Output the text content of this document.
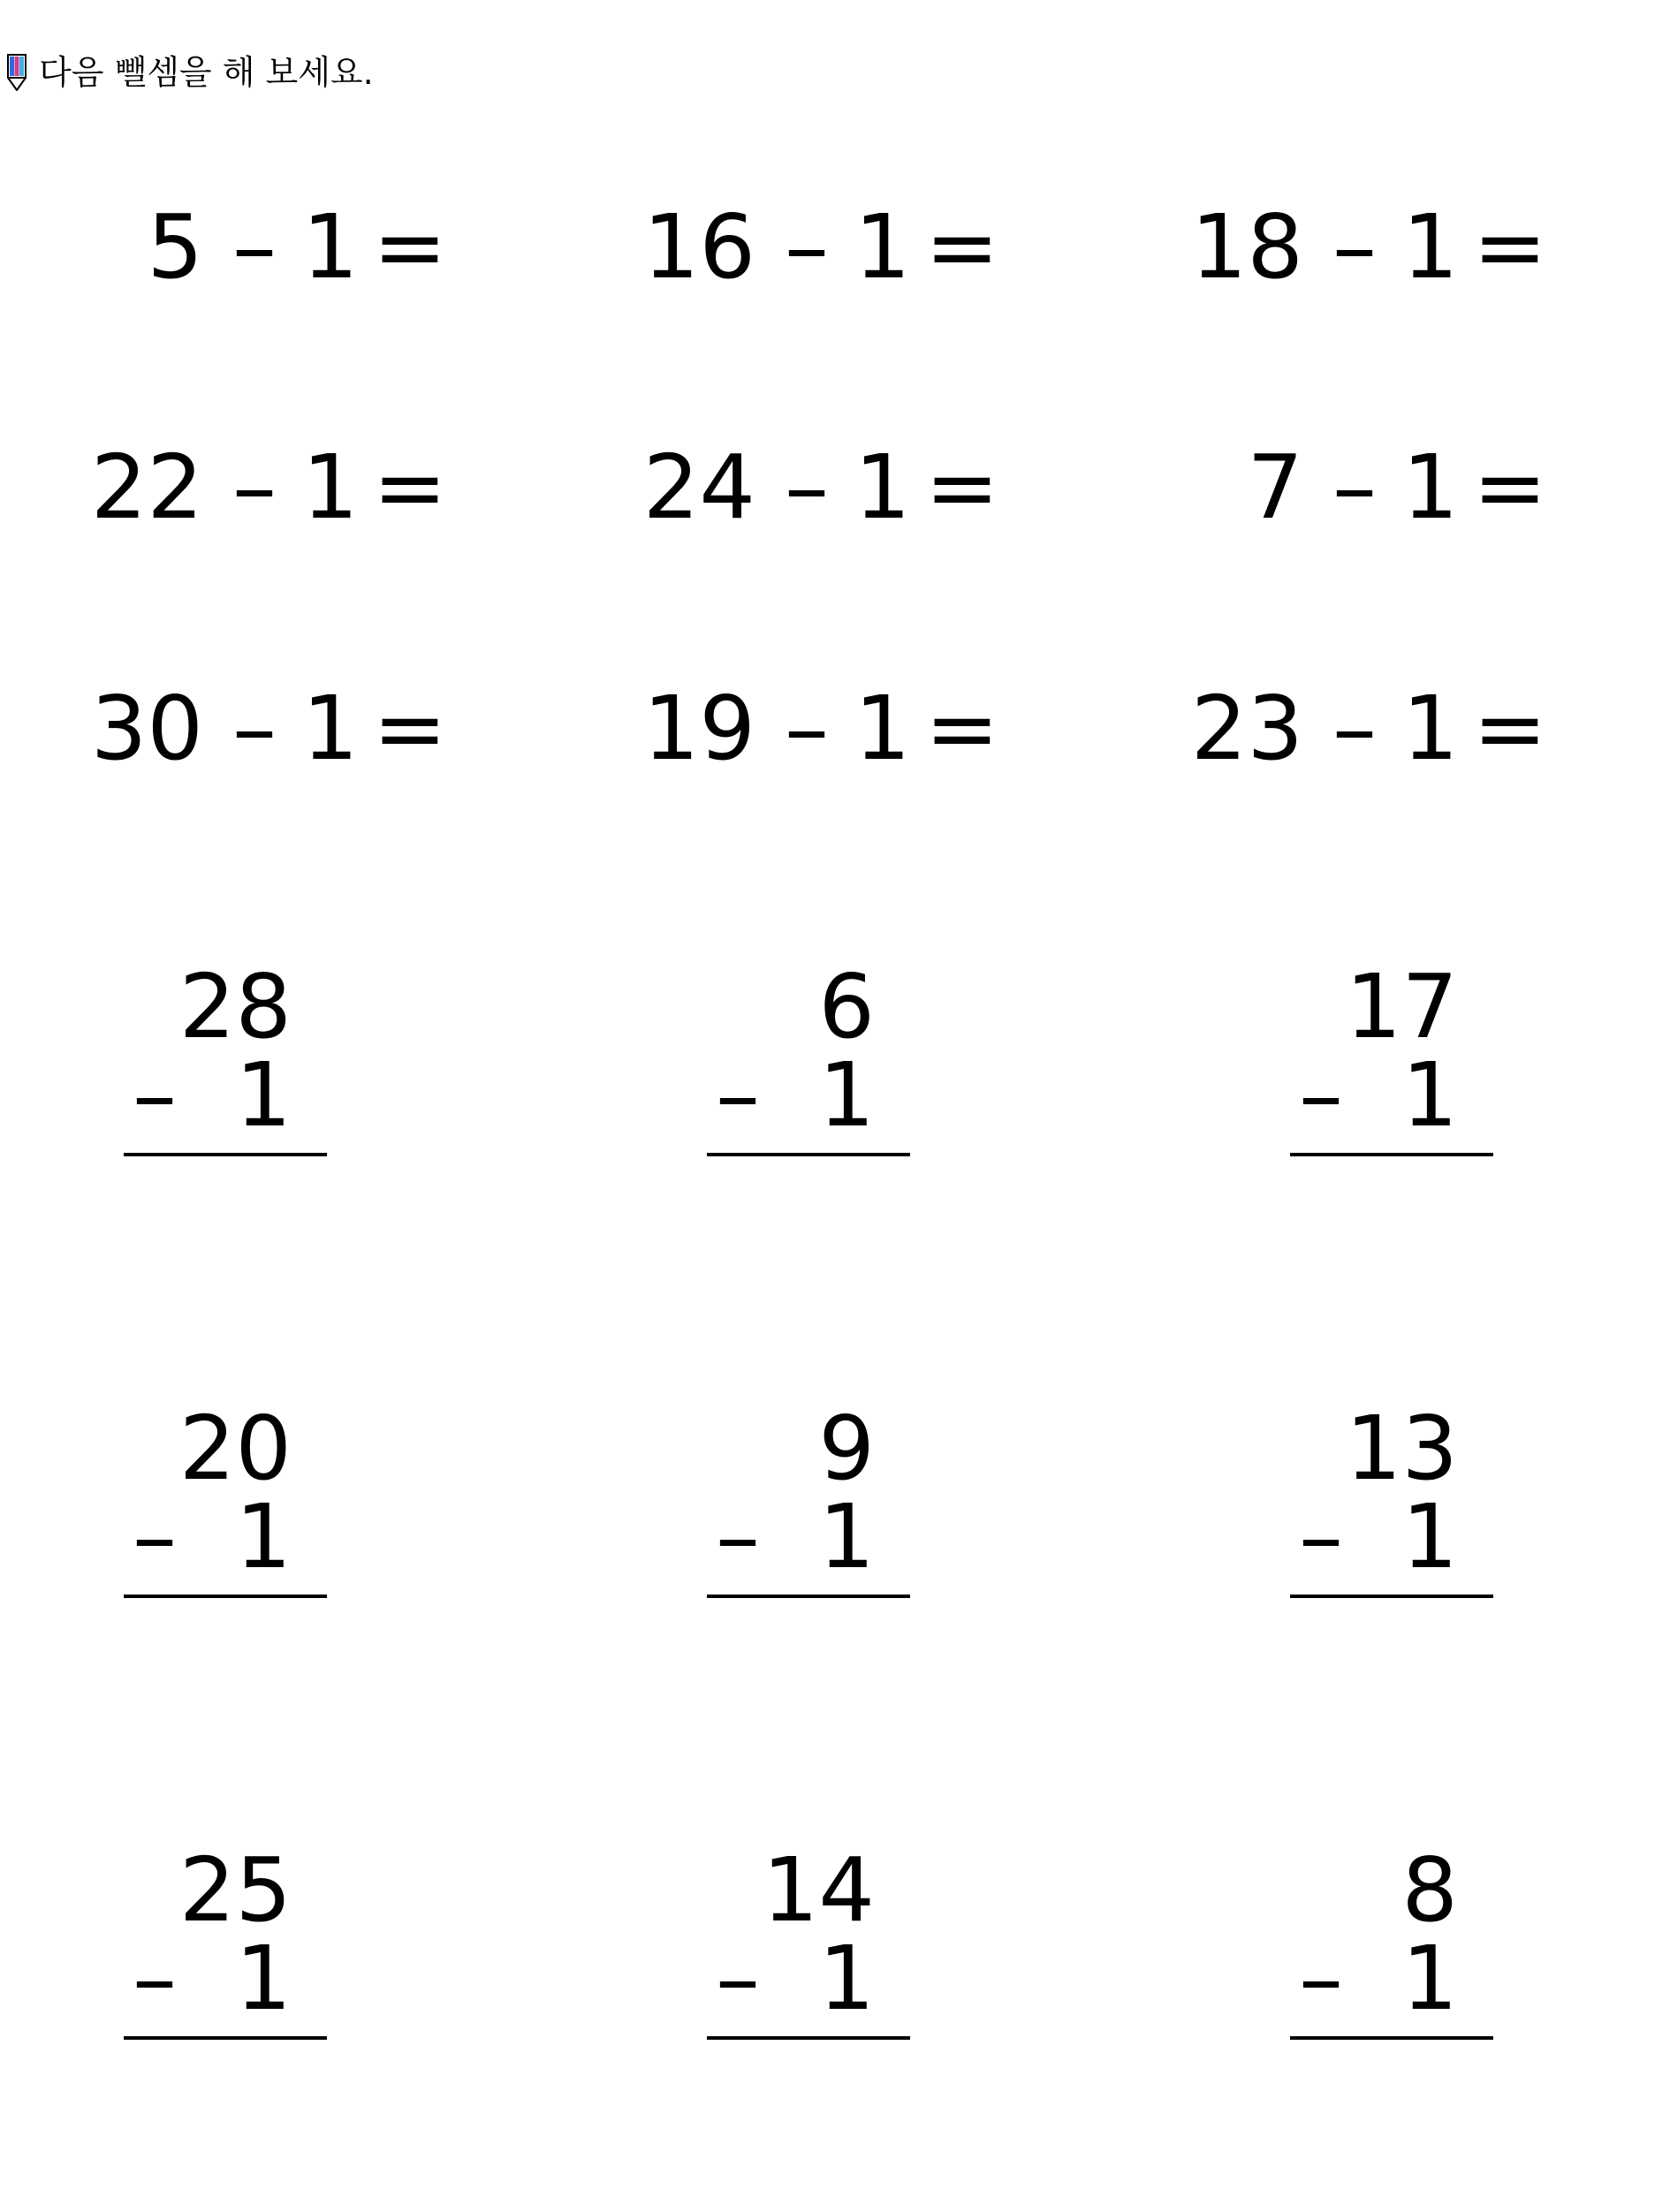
다음 뺄셈을 해 보세요.
5 – 1 = 16 – 1 = 18 – 1 =
22 – 1 = 24 – 1 =	7 – 1 =
30 – 1 = 19 – 1 = 23 – 1 =
28
– 1
6
– 1
17
– 1
20
– 1
9
– 1
13
– 1
25
– 1
14
– 1
8
– 1
